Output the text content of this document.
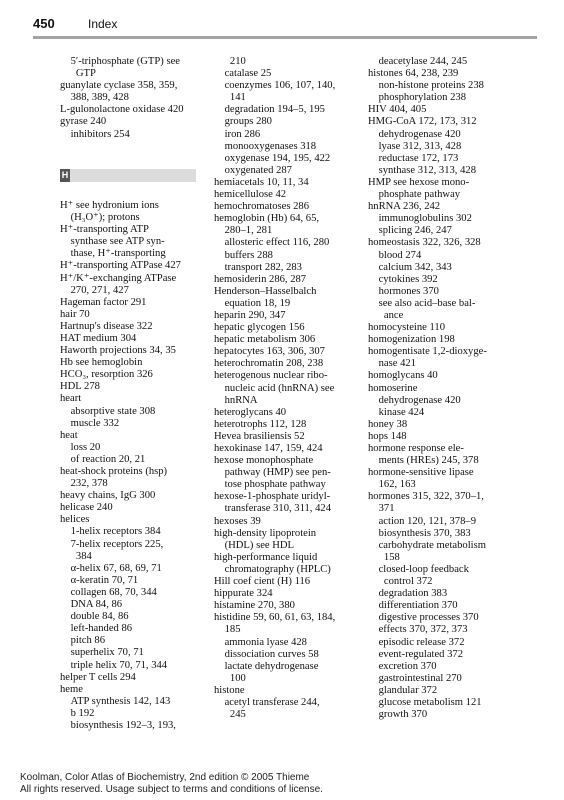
450	Index
5′-triphosphate (GTP) see
GTP
guanylate cyclase 358, 359,
388, 389, 428
L-gulonolactone oxidase 420
gyrase 240
inhibitors 254
H
H⁺ see hydronium ions
(H₃O⁺); protons
H⁺-transporting ATP
synthase see ATP syn-
thase, H⁺-transporting
H⁺-transporting ATPase 427
H⁺/K⁺-exchanging ATPase
270, 271, 427
Hageman factor 291
hair 70
Hartnup's disease 322
HAT medium 304
Haworth projections 34, 35
Hb see hemoglobin
HCO₃, resorption 326
HDL 278
heart
absorptive state 308
muscle 332
heat
loss 20
of reaction 20, 21
heat-shock proteins (hsp)
232, 378
heavy chains, IgG 300
helicase 240
helices
1-helix receptors 384
7-helix receptors 225,
384
α-helix 67, 68, 69, 71
α-keratin 70, 71
collagen 68, 70, 344
DNA 84, 86
double 84, 86
left-handed 86
pitch 86
superhelix 70, 71
triple helix 70, 71, 344
helper T cells 294
heme
ATP synthesis 142, 143
b 192
biosynthesis 192–3, 193,
210
catalase 25
coenzymes 106, 107, 140,
141
degradation 194–5, 195
groups 280
iron 286
monooxygenases 318
oxygenase 194, 195, 422
oxygenated 287
hemiacetals 10, 11, 34
hemicellulose 42
hemochromatoses 286
hemoglobin (Hb) 64, 65,
280–1, 281
allosteric effect 116, 280
buffers 288
transport 282, 283
hemosiderin 286, 287
Henderson–Hasselbalch
equation 18, 19
heparin 290, 347
hepatic glycogen 156
hepatic metabolism 306
hepatocytes 163, 306, 307
heterochromatin 208, 238
heterogenous nuclear ribo-
nucleic acid (hnRNA) see
hnRNA
heteroglycans 40
heterotrophs 112, 128
Hevea brasiliensis 52
hexokinase 147, 159, 424
hexose monophosphate
pathway (HMP) see pen-
tose phosphate pathway
hexose-1-phosphate uridyl-
transferase 310, 311, 424
hexoses 39
high-density lipoprotein
(HDL) see HDL
high-performance liquid
chromatography (HPLC)
Hill coef cient (H) 116
hippurate 324
histamine 270, 380
histidine 59, 60, 61, 63, 184,
185
ammonia lyase 428
dissociation curves 58
lactate dehydrogenase
100
histone
acetyl transferase 244,
245
deacetylase 244, 245
histones 64, 238, 239
non-histone proteins 238
phosphorylation 238
HIV 404, 405
HMG-CoA 172, 173, 312
dehydrogenase 420
lyase 312, 313, 428
reductase 172, 173
synthase 312, 313, 428
HMP see hexose mono-
phosphate pathway
hnRNA 236, 242
immunoglobulins 302
splicing 246, 247
homeostasis 322, 326, 328
blood 274
calcium 342, 343
cytokines 392
hormones 370
see also acid–base bal-
ance
homocysteine 110
homogenization 198
homogentisate 1,2-dioxyge-
nase 421
homoglycans 40
homoserine
dehydrogenase 420
kinase 424
honey 38
hops 148
hormone response ele-
ments (HREs) 245, 378
hormone-sensitive lipase
162, 163
hormones 315, 322, 370–1,
371
action 120, 121, 378–9
biosynthesis 370, 383
carbohydrate metabolism
158
closed-loop feedback
control 372
degradation 383
differentiation 370
digestive processes 370
effects 370, 372, 373
episodic release 372
event-regulated 372
excretion 370
gastrointestinal 270
glandular 372
glucose metabolism 121
growth 370
Koolman, Color Atlas of Biochemistry, 2nd edition © 2005 Thieme
All rights reserved. Usage subject to terms and conditions of license.
